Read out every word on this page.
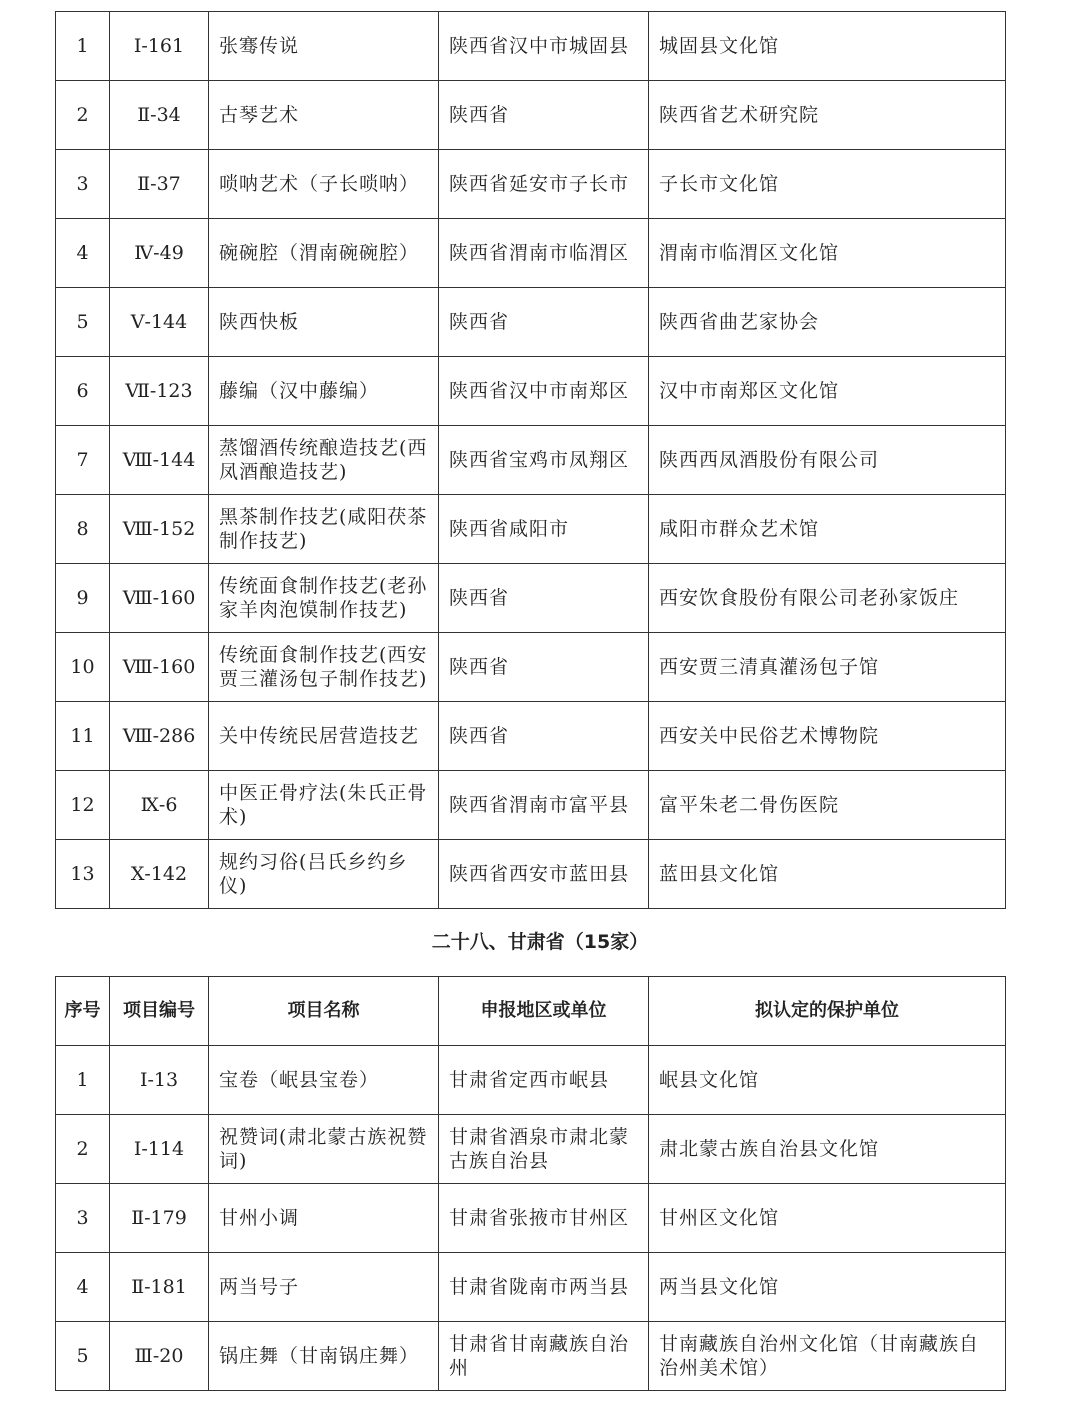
1	Ⅰ-161	张骞传说	陕西省汉中市城固县	城固县文化馆
2	Ⅱ-34	古琴艺术	陕西省	陕西省艺术研究院
3	Ⅱ-37	唢呐艺术（子长唢呐）	陕西省延安市子长市	子长市文化馆
4	Ⅳ-49	碗碗腔（渭南碗碗腔）	陕西省渭南市临渭区	渭南市临渭区文化馆
5	Ⅴ-144	陕西快板	陕西省	陕西省曲艺家协会
6	Ⅶ-123	藤编（汉中藤编）	陕西省汉中市南郑区	汉中市南郑区文化馆
7	Ⅷ-144	蒸馏酒传统酿造技艺(西凤酒酿造技艺)	陕西省宝鸡市凤翔区	陕西西凤酒股份有限公司
8	Ⅷ-152	黑茶制作技艺(咸阳茯茶制作技艺)	陕西省咸阳市	咸阳市群众艺术馆
9	Ⅷ-160	传统面食制作技艺(老孙家羊肉泡馍制作技艺)	陕西省	西安饮食股份有限公司老孙家饭庄
10	Ⅷ-160	传统面食制作技艺(西安贾三灌汤包子制作技艺)	陕西省	西安贾三清真灌汤包子馆
11	Ⅷ-286	关中传统民居营造技艺	陕西省	西安关中民俗艺术博物院
12	Ⅸ-6	中医正骨疗法(朱氏正骨术)	陕西省渭南市富平县	富平朱老二骨伤医院
13	Ⅹ-142	规约习俗(吕氏乡约乡仪)	陕西省西安市蓝田县	蓝田县文化馆
二十八、甘肃省（15家）
序号	项目编号	项目名称	申报地区或单位	拟认定的保护单位
1	Ⅰ-13	宝卷（岷县宝卷）	甘肃省定西市岷县	岷县文化馆
2	Ⅰ-114	祝赞词(肃北蒙古族祝赞词)	甘肃省酒泉市肃北蒙古族自治县	肃北蒙古族自治县文化馆
3	Ⅱ-179	甘州小调	甘肃省张掖市甘州区	甘州区文化馆
4	Ⅱ-181	两当号子	甘肃省陇南市两当县	两当县文化馆
5	Ⅲ-20	锅庄舞（甘南锅庄舞）	甘肃省甘南藏族自治州	甘南藏族自治州文化馆（甘南藏族自治州美术馆）
